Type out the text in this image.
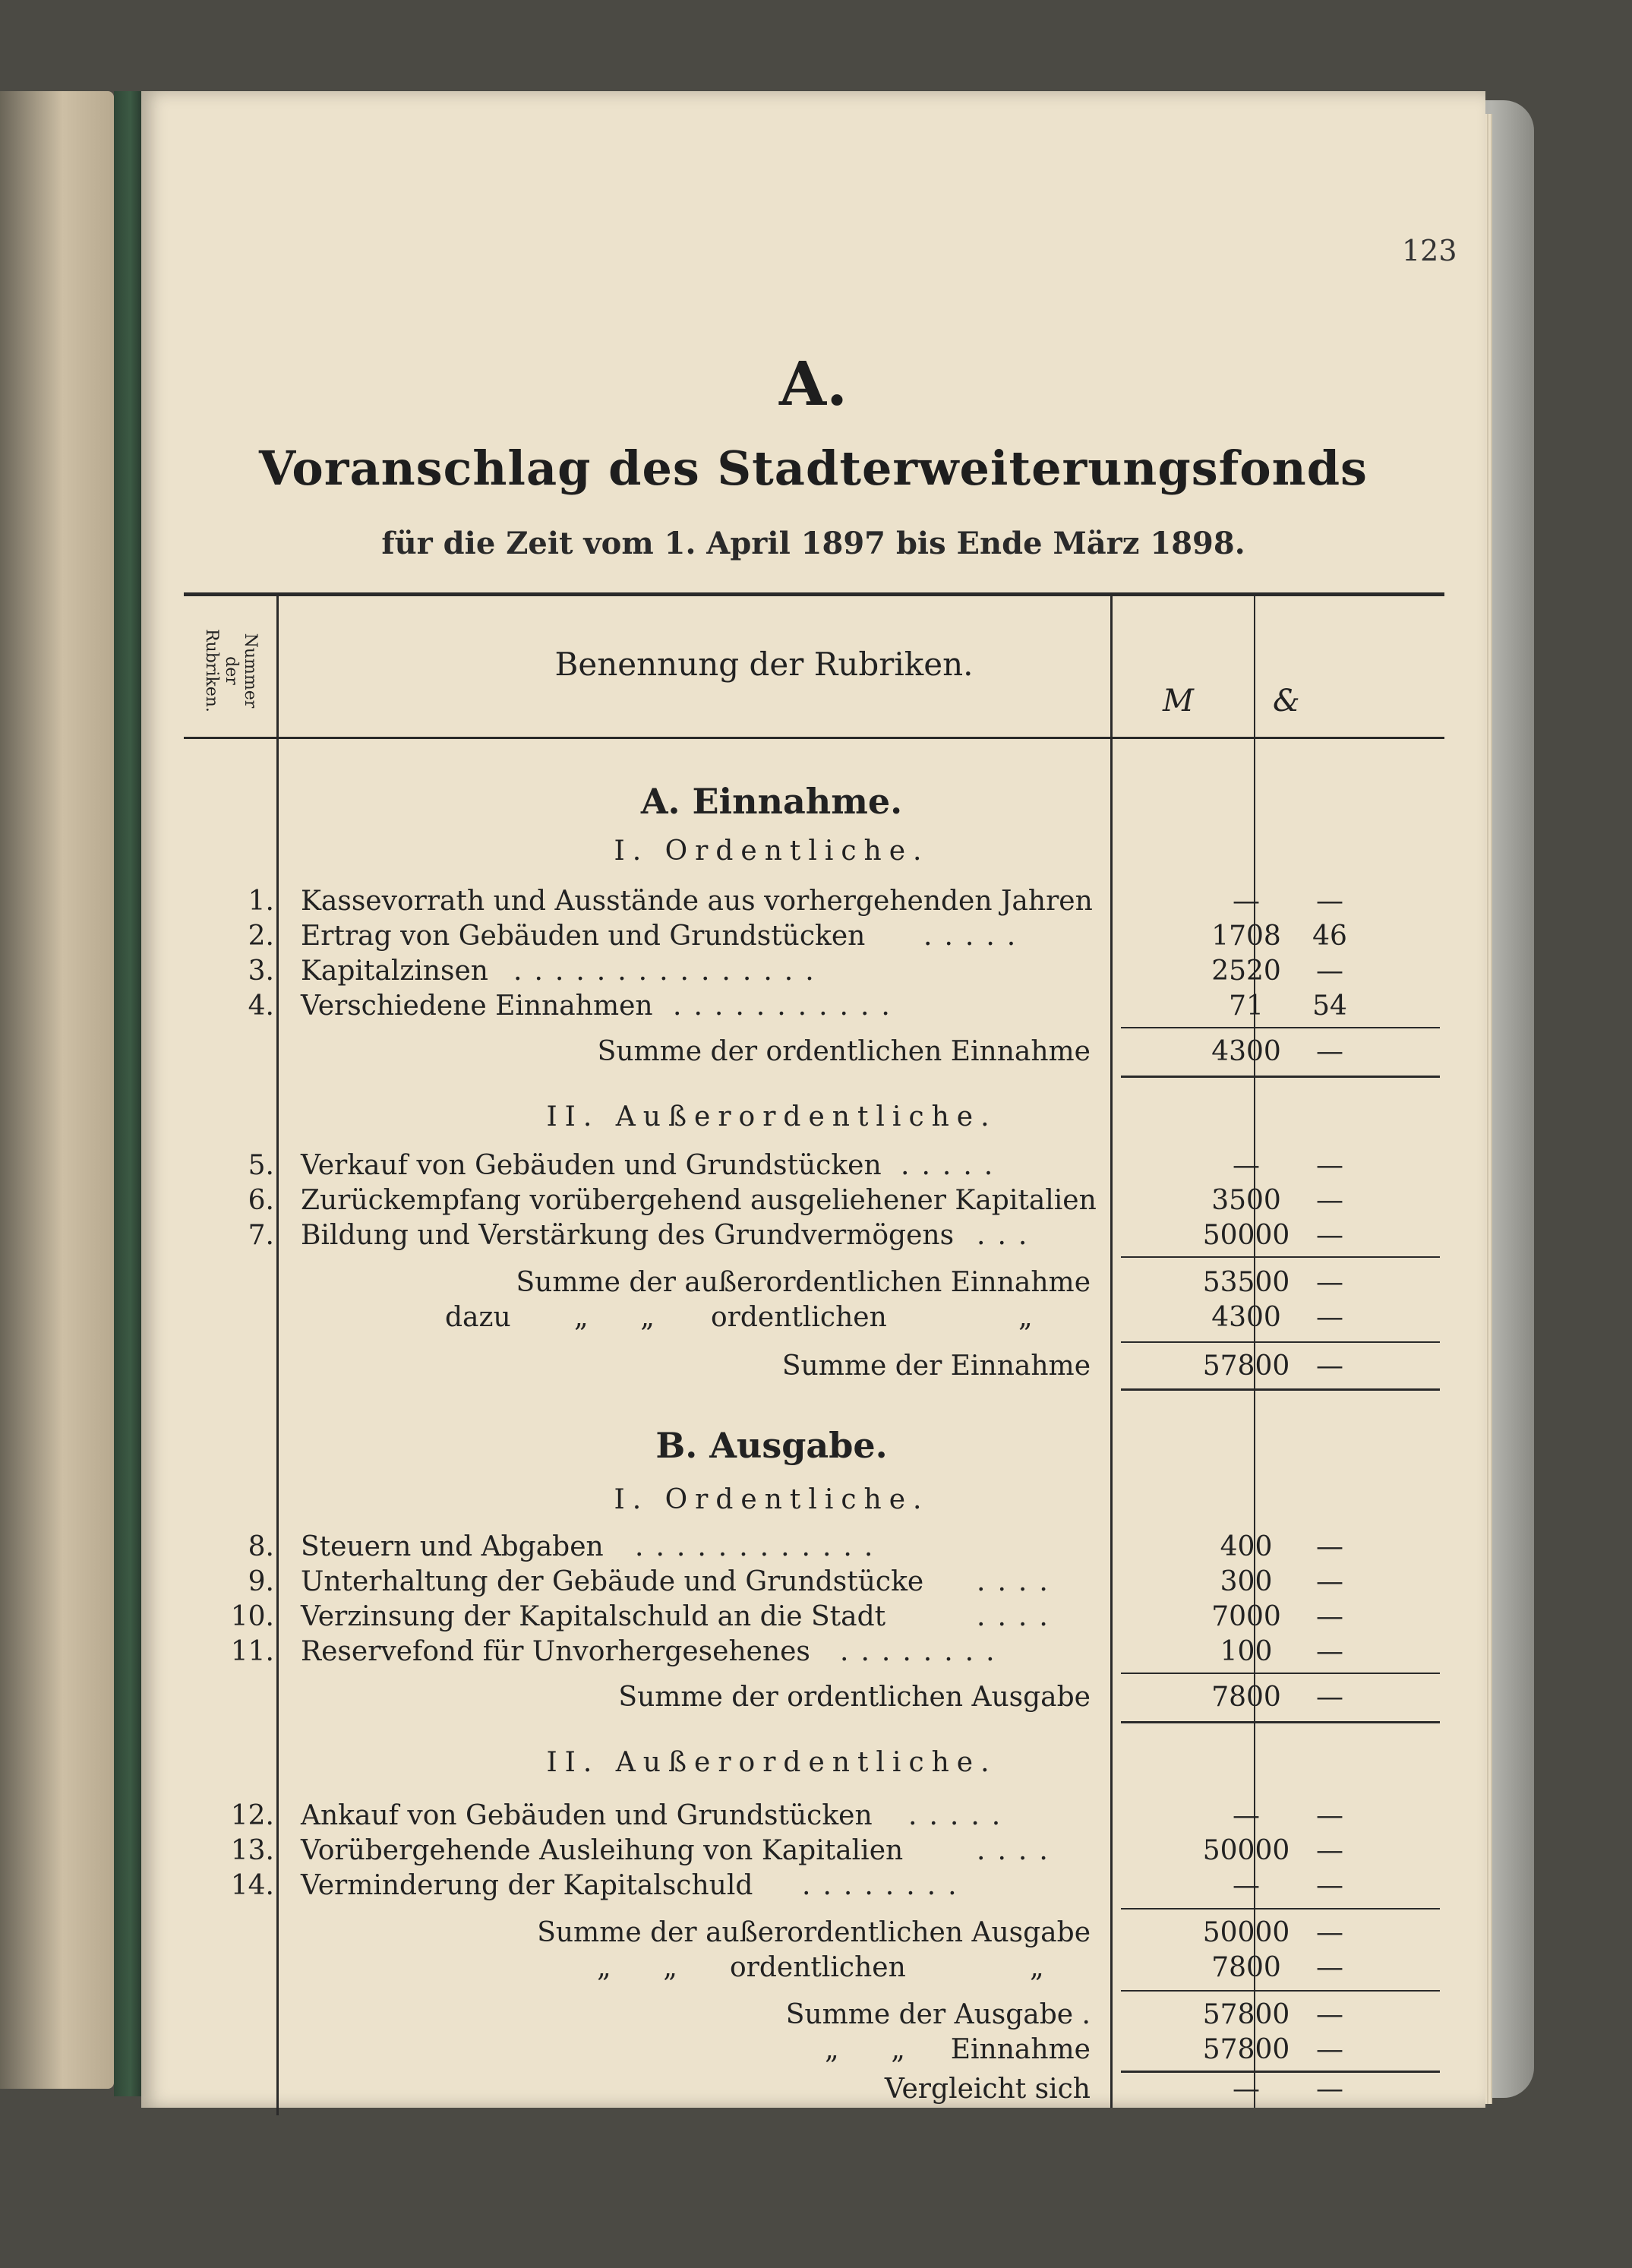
123
A.
Voranschlag des Stadterweiterungsfonds
für die Zeit vom 1. April 1897 bis Ende März 1898.
Nummer
der
Rubriken.	Benennung der Rubriken.
M	&
A. Einnahme.
I. Ordentliche.
1. Kassevorrath und Ausstände aus vorhergehenden Jahren	—	—
2. Ertrag von Gebäuden und Grundstücken .....	1708	46
3. Kapitalzinsen ...............	2520	—
4. Verschiedene Einnahmen ...........	71	54
Summe der ordentlichen Einnahme	4300	—
II. Außerordentliche.
5. Verkauf von Gebäuden und Grundstücken .....	—	—
6. Zurückempfang vorübergehend ausgeliehener Kapitalien	3500	—
7. Bildung und Verstärkung des Grundvermögens ...	50000 —
Summe der außerordentlichen Einnahme	53500 —
dazu „      „ ordentlichen	„	4300	—
Summe der Einnahme	57800 —
B. Ausgabe.
I. Ordentliche.
8. Steuern und Abgaben ............	400	—
9. Unterhaltung der Gebäude und Grundstücke ....	300	—
10. Verzinsung der Kapitalschuld an die Stadt	....	7000	—
11. Reservefond für Unvorhergesehenes ........	100	—
Summe der ordentlichen Ausgabe	7800	—
II. Außerordentliche.
12. Ankauf von Gebäuden und Grundstücken .....	—	—
13. Vorübergehende Ausleihung von Kapitalien	....	50000 —
14. Verminderung der Kapitalschuld ........	—	—
Summe der außerordentlichen Ausgabe	50000 —
„      „ ordentlichen	„	7800	—
Summe der Ausgabe .	57800 —
„      „ Einnahme	57800 —
Vergleicht sich	—	—
